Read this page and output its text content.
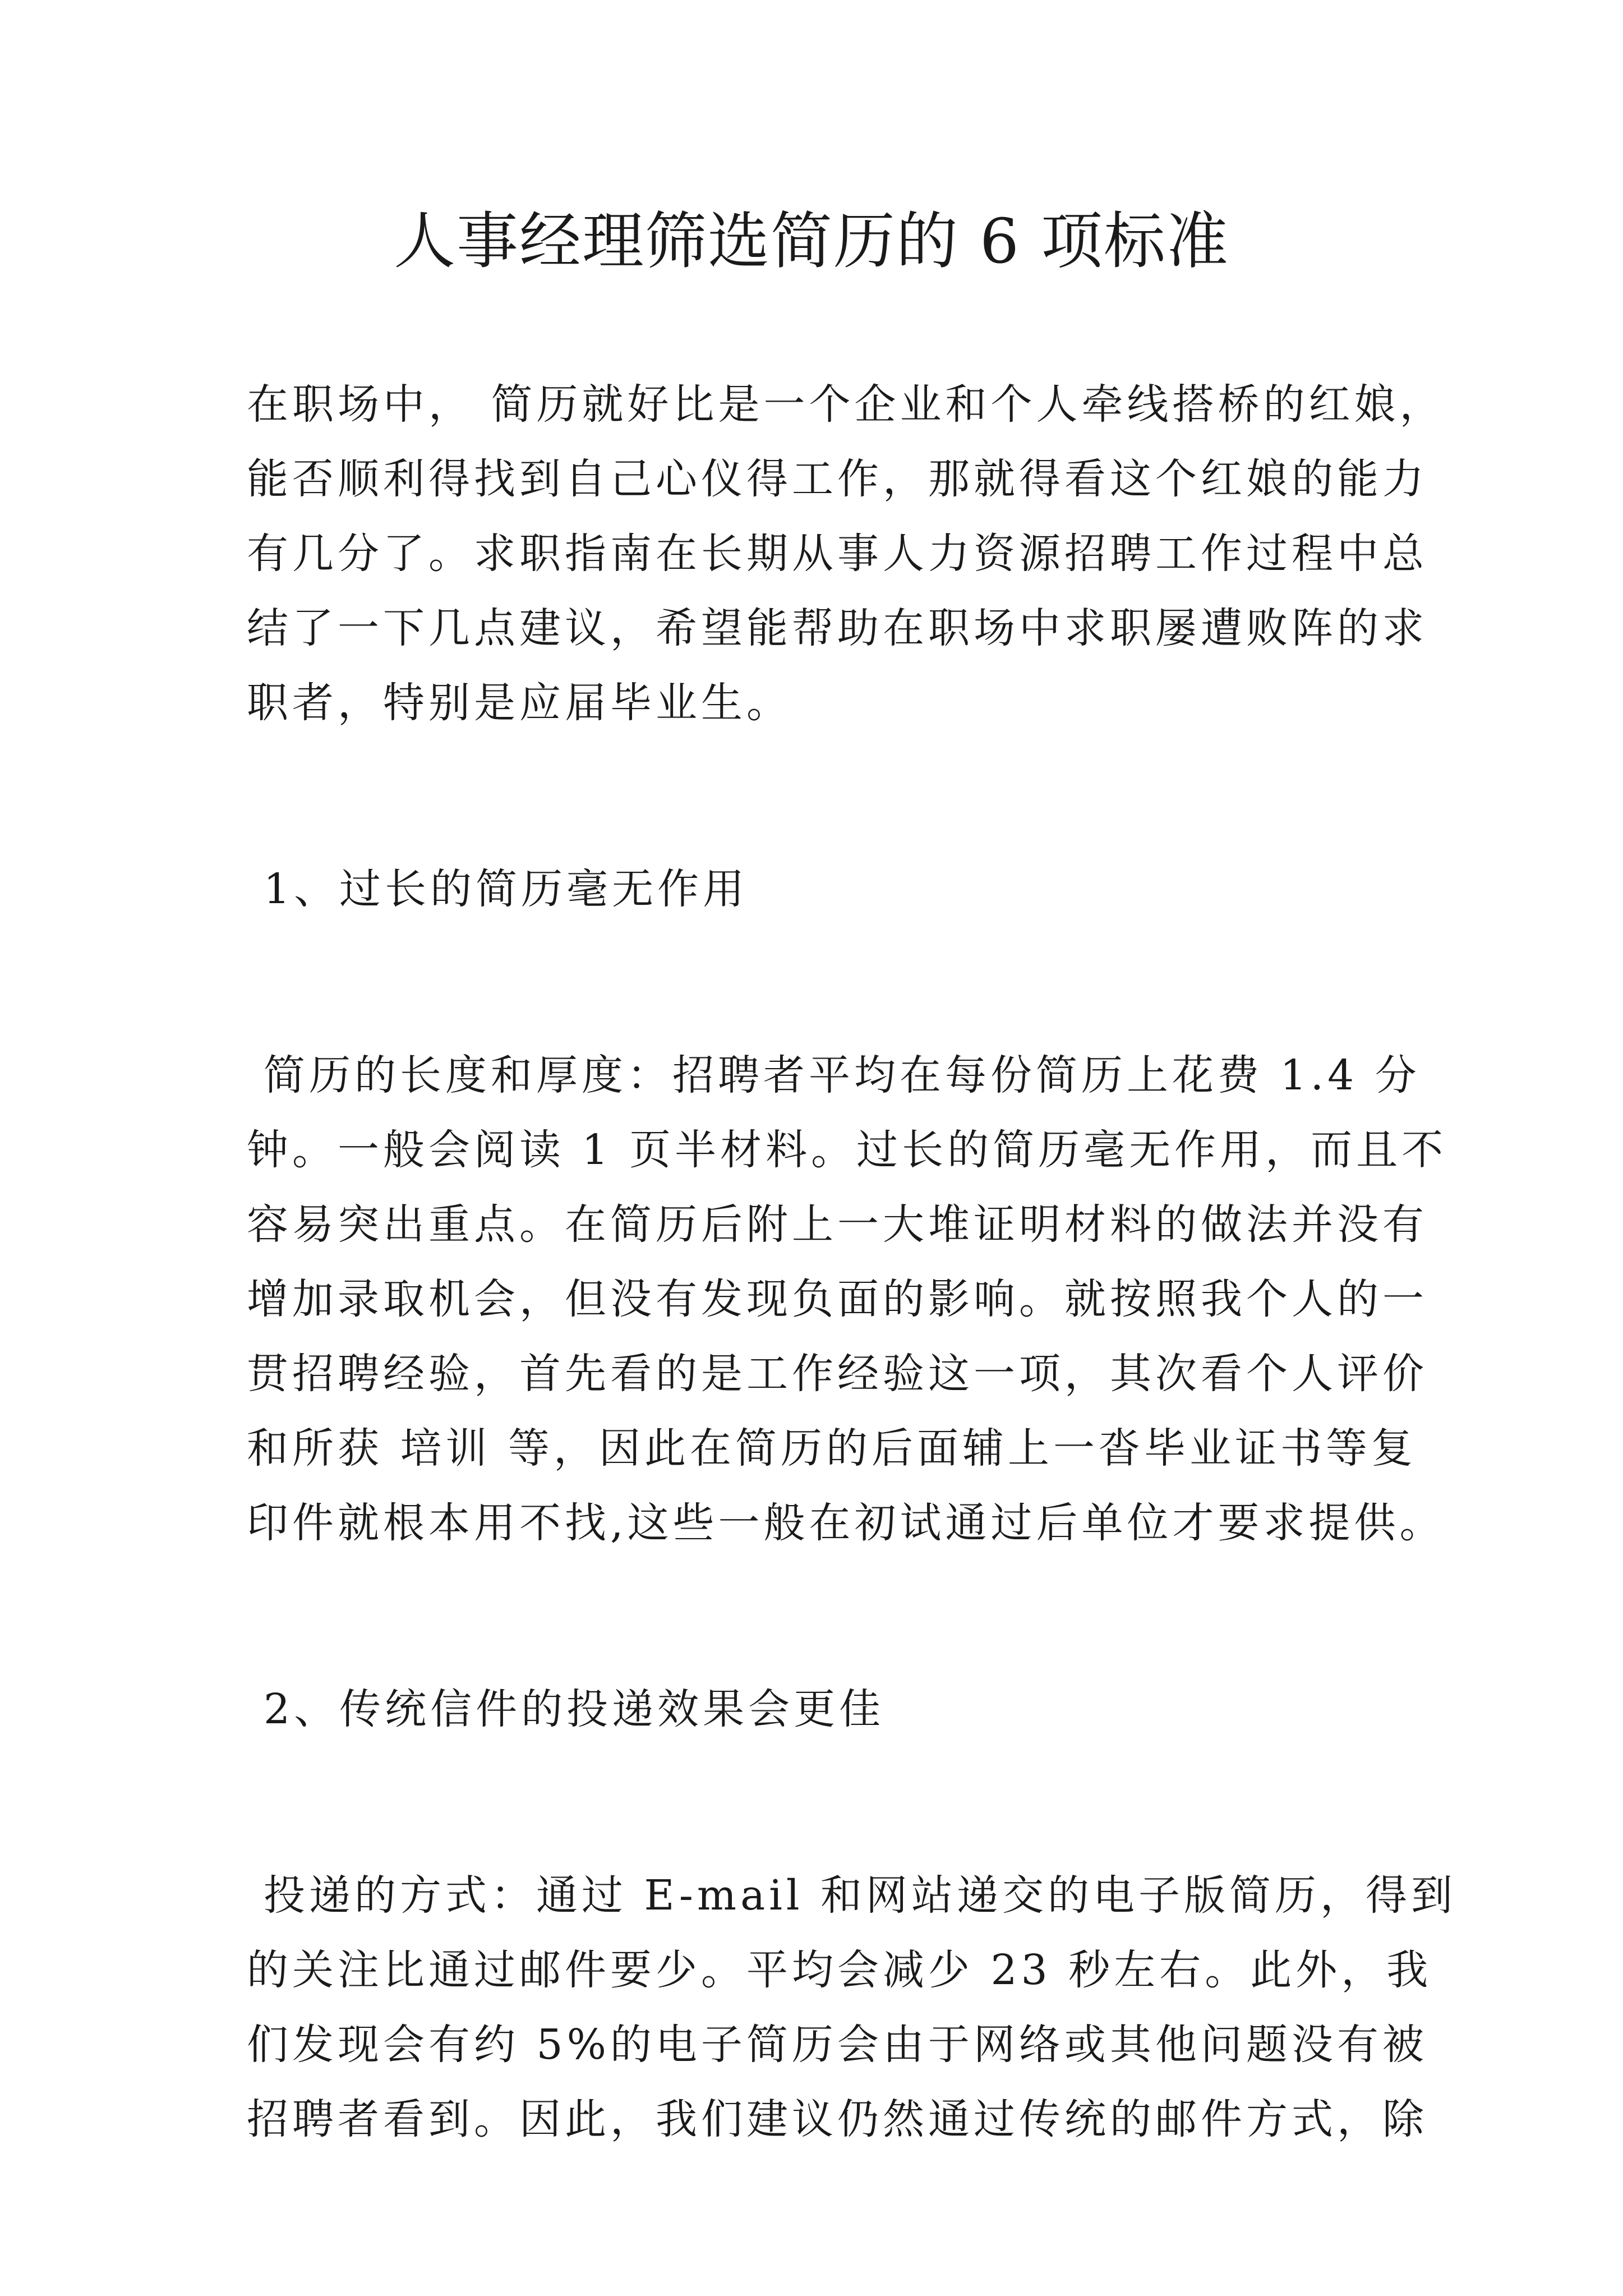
人事经理筛选简历的 6 项标准
在职场中， 简历就好比是一个企业和个人牵线搭桥的红娘，
能否顺利得找到自己心仪得工作，那就得看这个红娘的能力
有几分了。求职指南在长期从事人力资源招聘工作过程中总
结了一下几点建议，希望能帮助在职场中求职屡遭败阵的求
职者，特别是应届毕业生。
1、过长的简历毫无作用
简历的长度和厚度：招聘者平均在每份简历上花费 1.4 分
钟。一般会阅读 1 页半材料。过长的简历毫无作用，而且不
容易突出重点。在简历后附上一大堆证明材料的做法并没有
增加录取机会，但没有发现负面的影响。就按照我个人的一
贯招聘经验，首先看的是工作经验这一项，其次看个人评价
和所获 培训 等，因此在简历的后面辅上一沓毕业证书等复
印件就根本用不找,这些一般在初试通过后单位才要求提供。
2、传统信件的投递效果会更佳
投递的方式：通过 E-mail 和网站递交的电子版简历，得到
的关注比通过邮件要少。平均会减少 23 秒左右。此外，我
们发现会有约 5%的电子简历会由于网络或其他问题没有被
招聘者看到。因此，我们建议仍然通过传统的邮件方式，除
